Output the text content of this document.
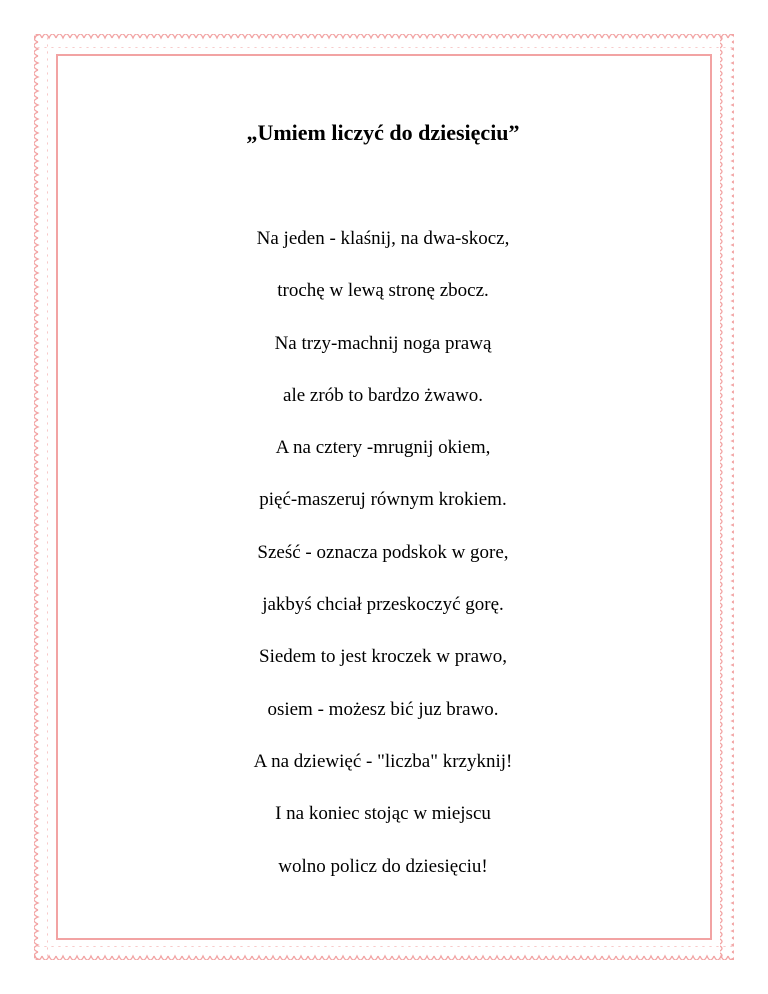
„Umiem liczyć do dziesięciu”
Na jeden - klaśnij, na dwa-skocz,
trochę w lewą stronę zbocz.
Na trzy-machnij noga prawą
ale zrób to bardzo żwawo.
A na cztery -mrugnij okiem,
pięć-maszeruj równym krokiem.
Sześć - oznacza podskok w gore,
jakbyś chciał przeskoczyć gorę.
Siedem to jest kroczek w prawo,
osiem - możesz bić juz brawo.
A na dziewięć - "liczba" krzyknij!
I na koniec stojąc w miejscu
wolno policz do dziesięciu!
